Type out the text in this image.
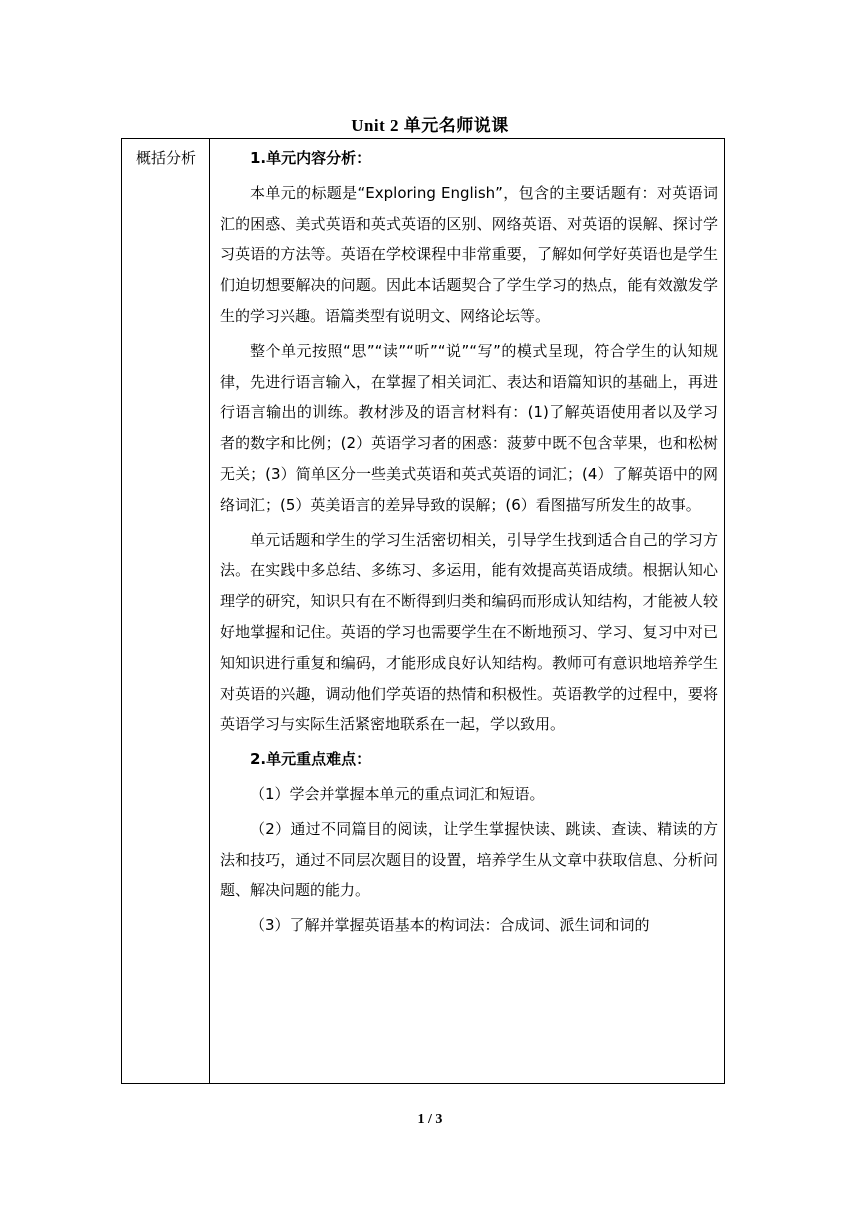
Unit 2 单元名师说课
概括分析	1.单元内容分析：

本单元的标题是“Exploring English”，包含的主要话题有：对英语词汇的困惑、美式英语和英式英语的区别、网络英语、对英语的误解、探讨学习英语的方法等。英语在学校课程中非常重要，了解如何学好英语也是学生们迫切想要解决的问题。因此本话题契合了学生学习的热点，能有效激发学生的学习兴趣。语篇类型有说明文、网络论坛等。

整个单元按照“思”“读”“听”“说”“写”的模式呈现，符合学生的认知规律，先进行语言输入，在掌握了相关词汇、表达和语篇知识的基础上，再进行语言输出的训练。教材涉及的语言材料有：(1)了解英语使用者以及学习者的数字和比例；(2）英语学习者的困惑：菠萝中既不包含苹果，也和松树无关；(3）简单区分一些美式英语和英式英语的词汇；(4）了解英语中的网络词汇；(5）英美语言的差异导致的误解；(6）看图描写所发生的故事。

单元话题和学生的学习生活密切相关，引导学生找到适合自己的学习方法。在实践中多总结、多练习、多运用，能有效提高英语成绩。根据认知心理学的研究，知识只有在不断得到归类和编码而形成认知结构，才能被人较好地掌握和记住。英语的学习也需要学生在不断地预习、学习、复习中对已知知识进行重复和编码，才能形成良好认知结构。教师可有意识地培养学生对英语的兴趣，调动他们学英语的热情和积极性。英语教学的过程中，要将英语学习与实际生活紧密地联系在一起，学以致用。

2.单元重点难点：

（1）学会并掌握本单元的重点词汇和短语。

（2）通过不同篇目的阅读，让学生掌握快读、跳读、查读、精读的方法和技巧，通过不同层次题目的设置，培养学生从文章中获取信息、分析问题、解决问题的能力。

（3）了解并掌握英语基本的构词法：合成词、派生词和词的

1 / 3
